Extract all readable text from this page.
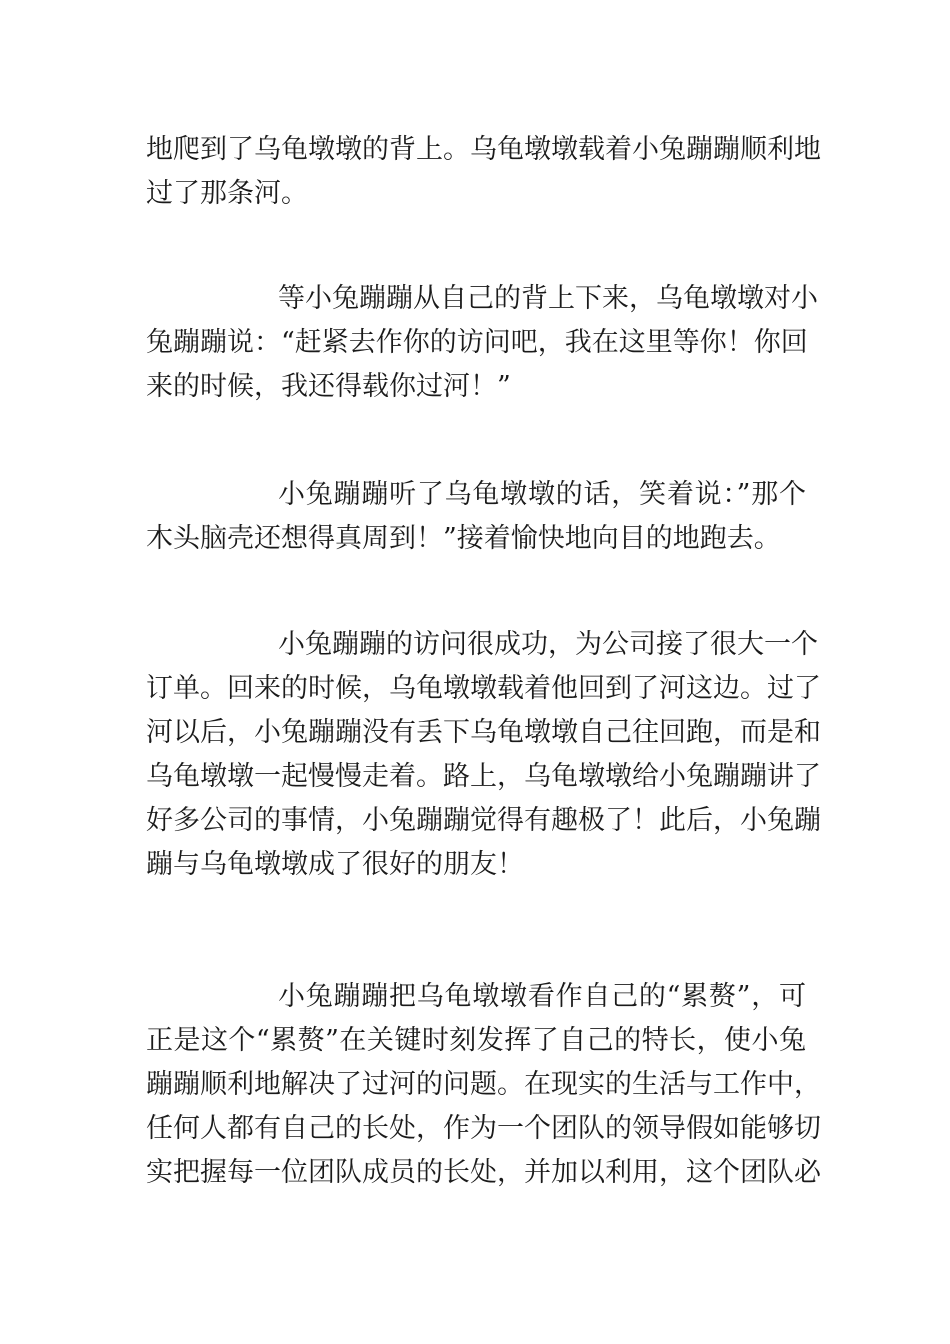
地爬到了乌龟墩墩的背上。乌龟墩墩载着小兔蹦蹦顺利地
过了那条河。
等小兔蹦蹦从自己的背上下来，乌龟墩墩对小
兔蹦蹦说：“赶紧去作你的访问吧，我在这里等你！你回
来的时候，我还得载你过河！”
小兔蹦蹦听了乌龟墩墩的话，笑着说：”那个
木头脑壳还想得真周到！”接着愉快地向目的地跑去。
小兔蹦蹦的访问很成功，为公司接了很大一个
订单。回来的时候，乌龟墩墩载着他回到了河这边。过了
河以后，小兔蹦蹦没有丢下乌龟墩墩自己往回跑，而是和
乌龟墩墩一起慢慢走着。路上，乌龟墩墩给小兔蹦蹦讲了
好多公司的事情，小兔蹦蹦觉得有趣极了！此后，小兔蹦
蹦与乌龟墩墩成了很好的朋友！
小兔蹦蹦把乌龟墩墩看作自己的“累赘”，可
正是这个“累赘”在关键时刻发挥了自己的特长，使小兔
蹦蹦顺利地解决了过河的问题。在现实的生活与工作中，
任何人都有自己的长处，作为一个团队的领导假如能够切
实把握每一位团队成员的长处，并加以利用，这个团队必
